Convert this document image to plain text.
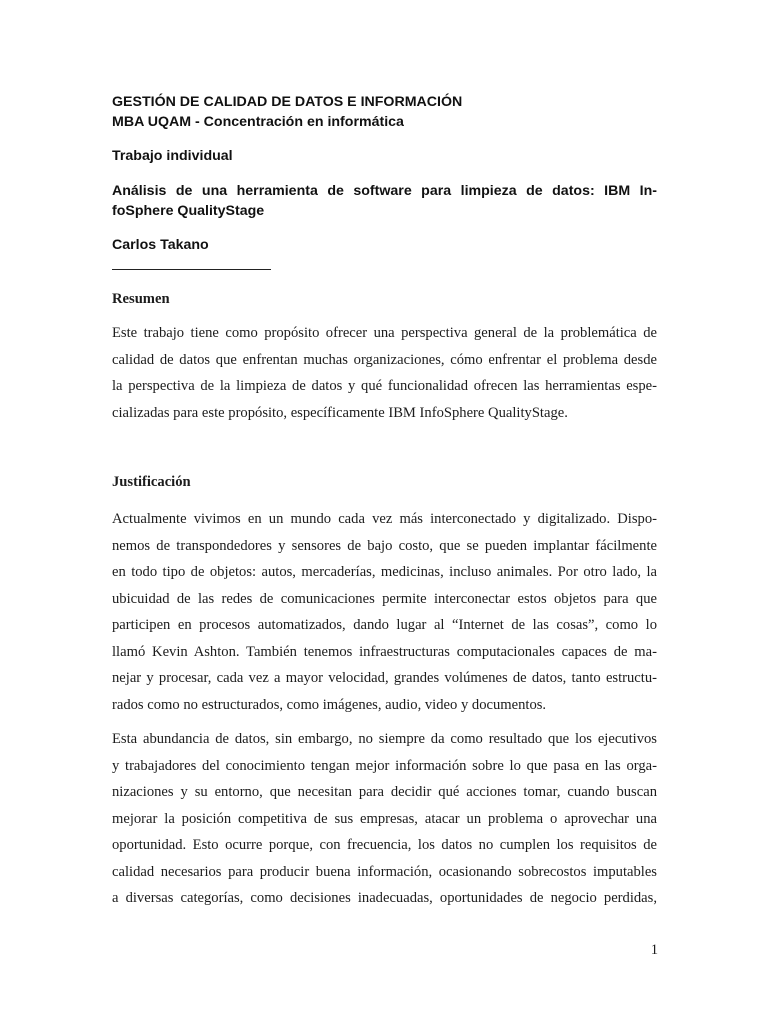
GESTIÓN DE CALIDAD DE DATOS E INFORMACIÓN
MBA UQAM - Concentración en informática
Trabajo individual
Análisis de una herramienta de software para limpieza de datos: IBM In-
foSphere QualityStage
Carlos Takano
Resumen
Este trabajo tiene como propósito ofrecer una perspectiva general de la problemática de
calidad de datos que enfrentan muchas organizaciones, cómo enfrentar el problema desde
la perspectiva de la limpieza de datos y qué funcionalidad ofrecen las herramientas espe-
cializadas para este propósito, específicamente IBM InfoSphere QualityStage.
Justificación
Actualmente vivimos en un mundo cada vez más interconectado y digitalizado. Dispo-
nemos de transpondedores y sensores de bajo costo, que se pueden implantar fácilmente
en todo tipo de objetos: autos, mercaderías, medicinas, incluso animales. Por otro lado, la
ubicuidad de las redes de comunicaciones permite interconectar estos objetos para que
participen en procesos automatizados, dando lugar al “Internet de las cosas”, como lo
llamó Kevin Ashton. También tenemos infraestructuras computacionales capaces de ma-
nejar y procesar, cada vez a mayor velocidad, grandes volúmenes de datos, tanto estructu-
rados como no estructurados, como imágenes, audio, video y documentos.
Esta abundancia de datos, sin embargo, no siempre da como resultado que los ejecutivos
y trabajadores del conocimiento tengan mejor información sobre lo que pasa en las orga-
nizaciones y su entorno, que necesitan para decidir qué acciones tomar, cuando buscan
mejorar la posición competitiva de sus empresas, atacar un problema o aprovechar una
oportunidad. Esto ocurre porque, con frecuencia, los datos no cumplen los requisitos de
calidad necesarios para producir buena información, ocasionando sobrecostos imputables
a diversas categorías, como decisiones inadecuadas, oportunidades de negocio perdidas,
1
